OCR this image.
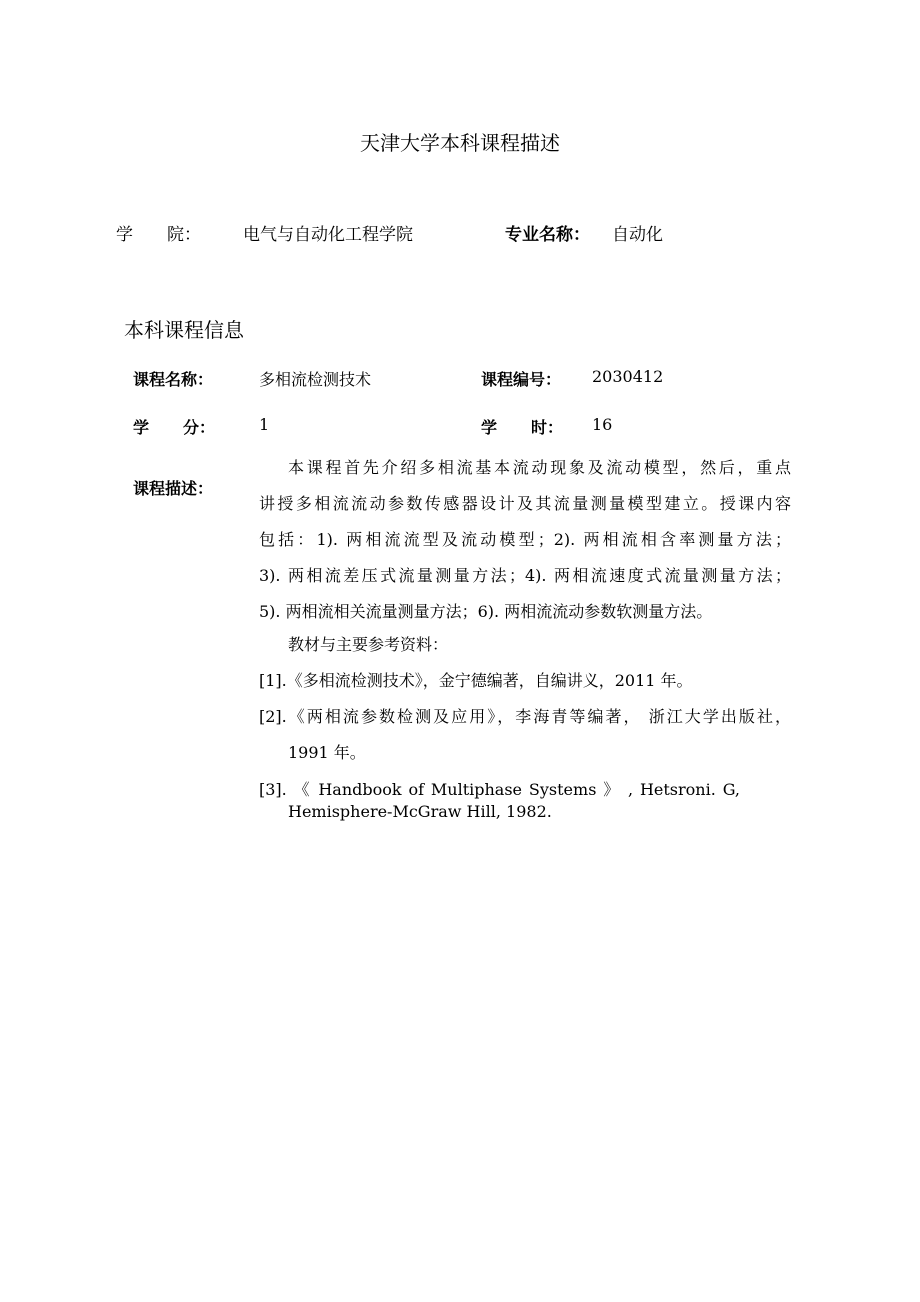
天津大学本科课程描述
学 院： 电气与自动化工程学院	专业名称： 自动化
本科课程信息
课程名称：	多相流检测技术	课程编号： 2030412
学 分：	1	学 时： 16
课程描述：
本课程首先介绍多相流基本流动现象及流动模型，然后，重点
讲授多相流流动参数传感器设计及其流量测量模型建立。授课内容
包括：1). 两相流流型及流动模型；2). 两相流相含率测量方法；
3). 两相流差压式流量测量方法；4). 两相流速度式流量测量方法；
5). 两相流相关流量测量方法；6). 两相流流动参数软测量方法。
教材与主要参考资料：
[1].《多相流检测技术》，金宁德编著，自编讲义，2011 年。
[2].《两相流参数检测及应用》，李海青等编著， 浙江大学出版社，
1991 年。
[3]. 《 Handbook of Multiphase Systems 》 , Hetsroni. G,
Hemisphere-McGraw Hill, 1982.
